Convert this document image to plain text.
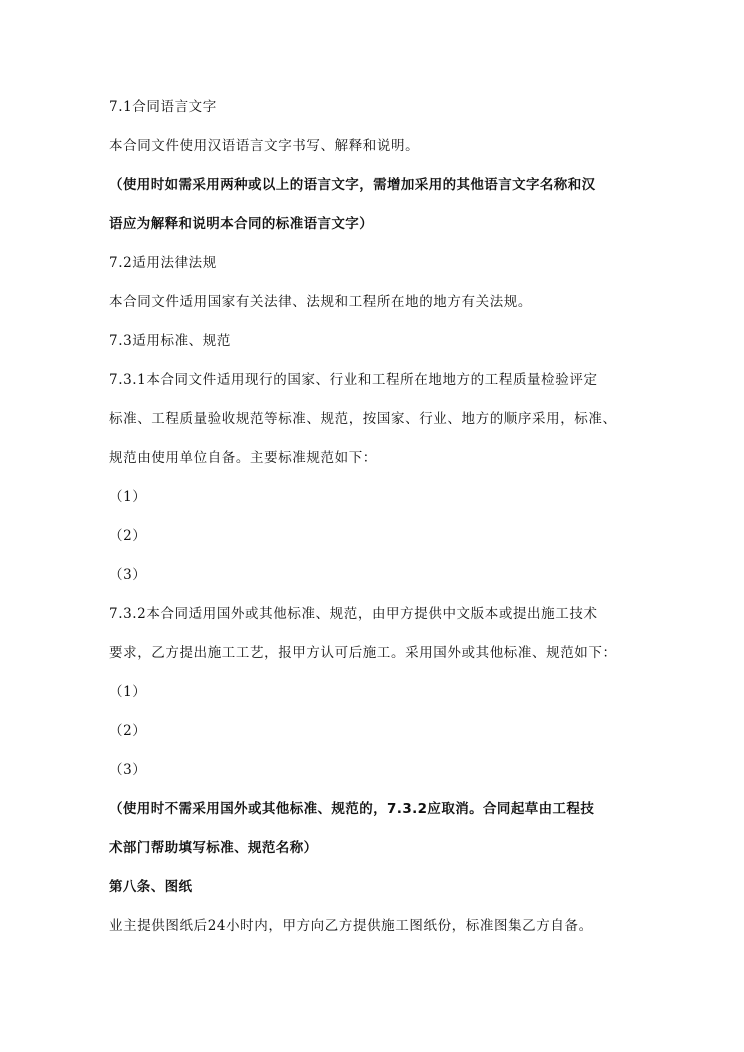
7.1合同语言文字
本合同文件使用汉语语言文字书写、解释和说明。
（使用时如需采用两种或以上的语言文字，需增加采用的其他语言文字名称和汉
语应为解释和说明本合同的标准语言文字）
7.2适用法律法规
本合同文件适用国家有关法律、法规和工程所在地的地方有关法规。
7.3适用标准、规范
7.3.1本合同文件适用现行的国家、行业和工程所在地地方的工程质量检验评定
标准、工程质量验收规范等标准、规范，按国家、行业、地方的顺序采用，标准、
规范由使用单位自备。主要标准规范如下：
（1）
（2）
（3）
7.3.2本合同适用国外或其他标准、规范，由甲方提供中文版本或提出施工技术
要求，乙方提出施工工艺，报甲方认可后施工。采用国外或其他标准、规范如下：
（1）
（2）
（3）
（使用时不需采用国外或其他标准、规范的，7.3.2应取消。合同起草由工程技
术部门帮助填写标准、规范名称）
第八条、图纸
业主提供图纸后24小时内，甲方向乙方提供施工图纸份，标准图集乙方自备。
